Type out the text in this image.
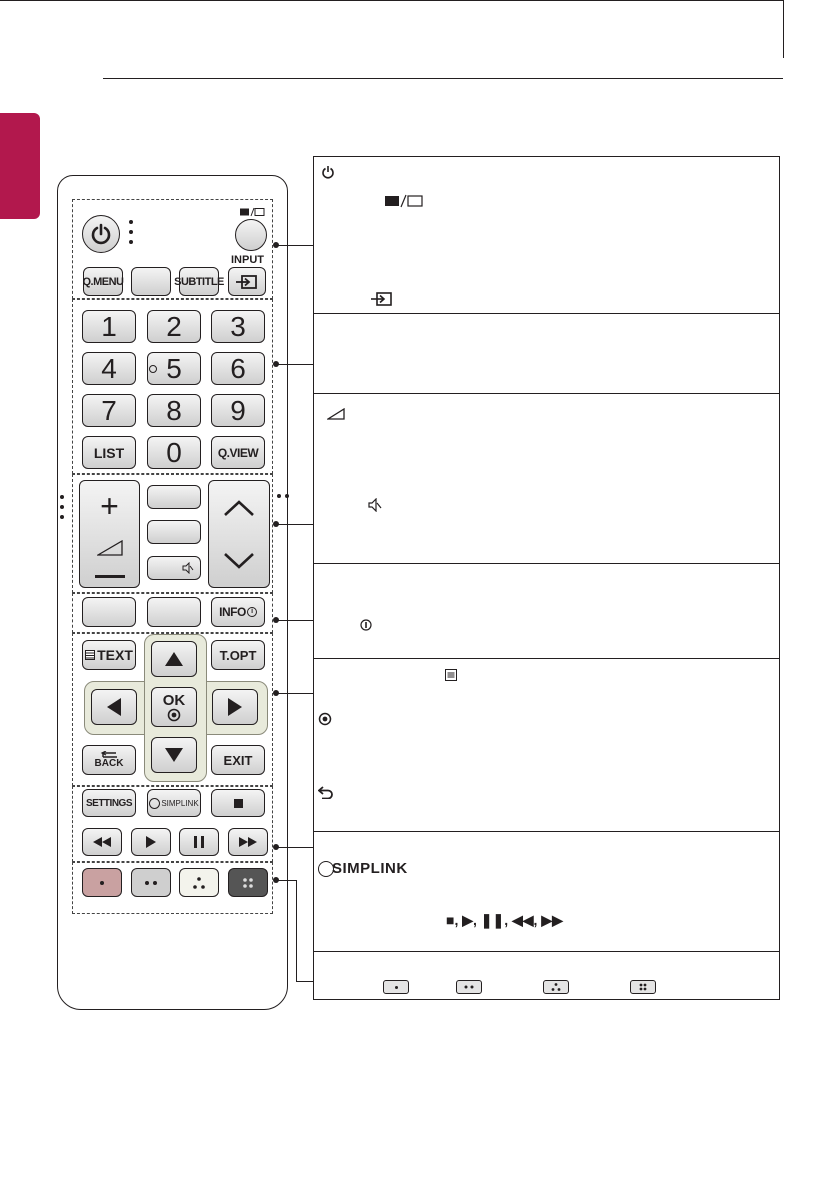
Q.MENU	SUBTITLE
INPUT
1	2	3
4	5	6
7	8	9
LIST	0	Q.VIEW
+
INFO i
TEXT	T.OPT
OK
BACK	EXIT
SETTINGS	SIMPLINK
SIMPLINK
■, ▶, ❚❚, ◀◀, ▶▶
